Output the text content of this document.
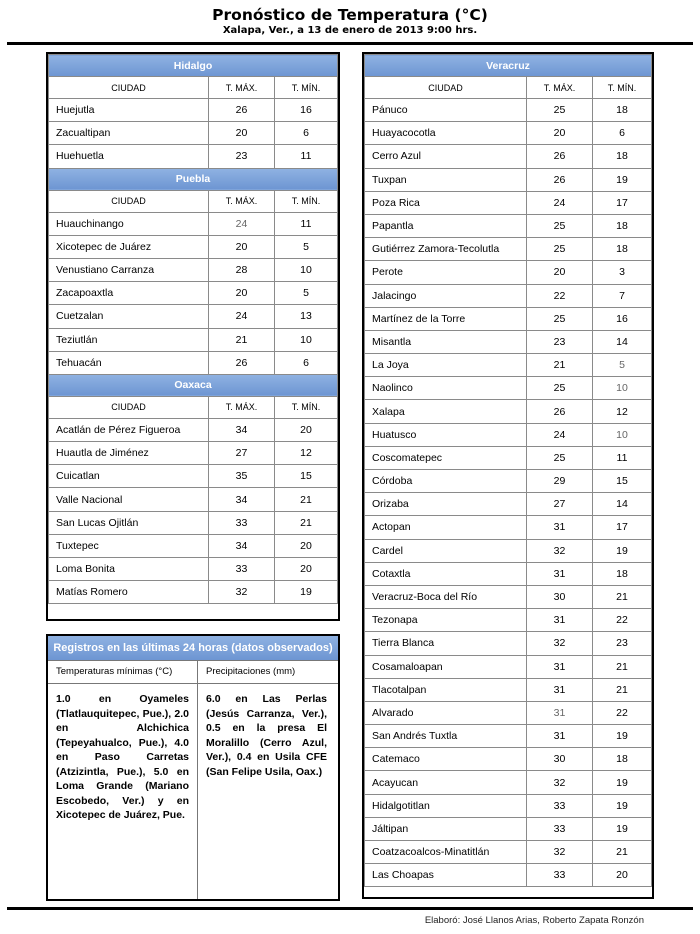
Pronóstico de Temperatura (°C)
Xalapa, Ver., a 13 de enero de 2013 9:00 hrs.
Hidalgo		
CIUDAD	T. MÁX.	T. MÍN.
Huejutla	26	16
Zacualtipan	20	6
Huehuetla	23	11
Puebla		
CIUDAD	T. MÁX.	T. MÍN.
Huauchinango	24	11
Xicotepec de Juárez	20	5
Venustiano Carranza	28	10
Zacapoaxtla	20	5
Cuetzalan	24	13
Teziutlán	21	10
Tehuacán	26	6
Oaxaca		
CIUDAD	T. MÁX.	T. MÍN.
Acatlán de Pérez Figueroa	34	20
Huautla de Jiménez	27	12
Cuicatlan	35	15
Valle Nacional	34	21
San Lucas Ojitlán	33	21
Tuxtepec	34	20
Loma Bonita	33	20
Matías Romero	32	19
Veracruz		
CIUDAD	T. MÁX.	T. MÍN.
Pánuco	25	18
Huayacocotla	20	6
Cerro Azul	26	18
Tuxpan	26	19
Poza Rica	24	17
Papantla	25	18
Gutiérrez Zamora-Tecolutla	25	18
Perote	20	3
Jalacingo	22	7
Martínez de la Torre	25	16
Misantla	23	14
La Joya	21	5
Naolinco	25	10
Xalapa	26	12
Huatusco	24	10
Coscomatepec	25	11
Córdoba	29	15
Orizaba	27	14
Actopan	31	17
Cardel	32	19
Cotaxtla	31	18
Veracruz-Boca del Río	30	21
Tezonapa	31	22
Tierra Blanca	32	23
Cosamaloapan	31	21
Tlacotalpan	31	21
Alvarado	31	22
San Andrés Tuxtla	31	19
Catemaco	30	18
Acayucan	32	19
Hidalgotitlan	33	19
Jáltipan	33	19
Coatzacoalcos-Minatitlán	32	21
Las Choapas	33	20
Registros en las últimas 24 horas (datos observados)
Temperaturas mínimas (°C)	Precipitaciones (mm)
1.0 en Oyameles (Tlatlauquitepec, Pue.), 2.0 en Alchichica (Tepeyahualco, Pue.), 4.0 en Paso Carretas (Atzizintla, Pue.), 5.0 en Loma Grande (Mariano Escobedo, Ver.) y en Xicotepec de Juárez, Pue.
6.0 en Las Perlas (Jesús Carranza, Ver.), 0.5 en la presa El Moralillo (Cerro Azul, Ver.), 0.4 en Usila CFE (San Felipe Usila, Oax.)
Elaboró: José Llanos Arias, Roberto Zapata Ronzón
